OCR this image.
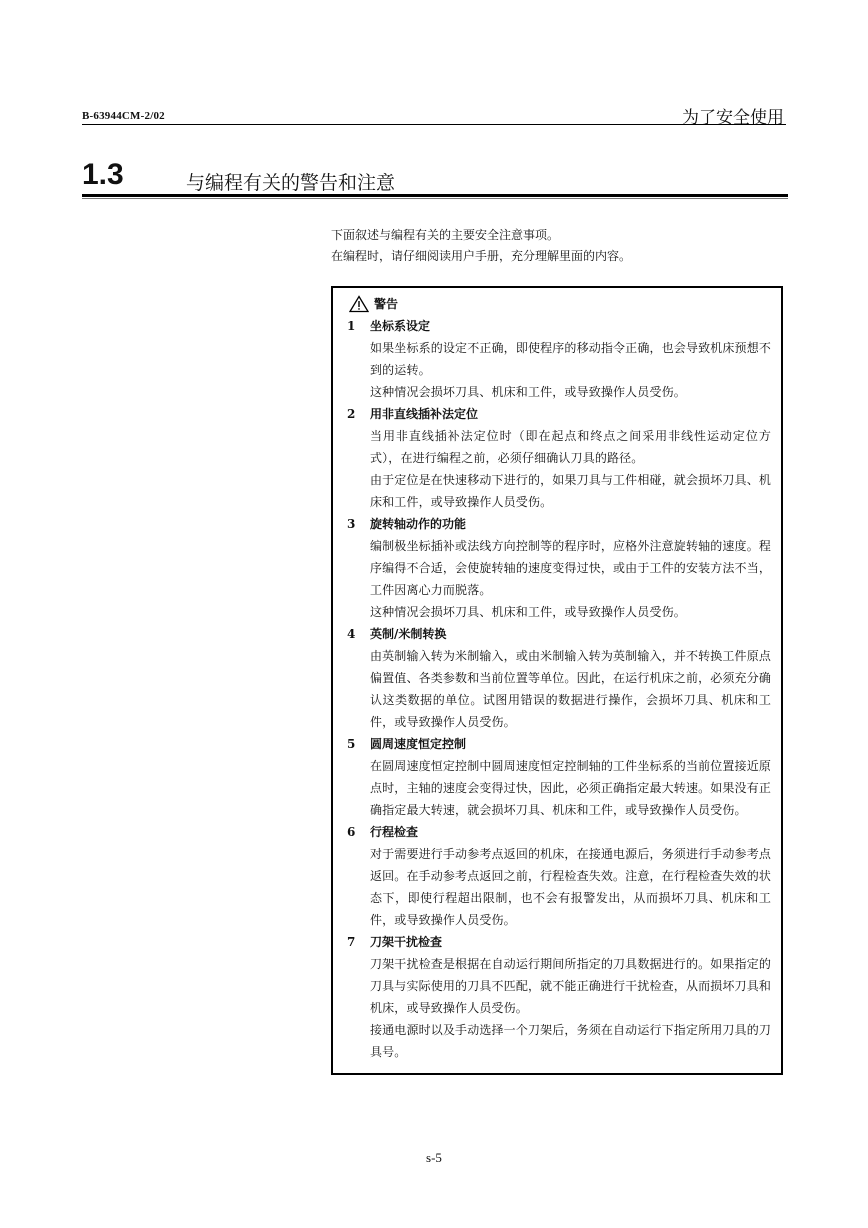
B-63944CM-2/02	为了安全使用
1.3	与编程有关的警告和注意

下面叙述与编程有关的主要安全注意事项。

在编程时，请仔细阅读用户手册，充分理解里面的内容。

警告
1	坐标系设定

如果坐标系的设定不正确，即使程序的移动指令正确，也会导致机床预想不到的运转。

这种情况会损坏刀具、机床和工件，或导致操作人员受伤。

2	用非直线插补法定位

当用非直线插补法定位时（即在起点和终点之间采用非线性运动定位方式），在进行编程之前，必须仔细确认刀具的路径。

由于定位是在快速移动下进行的，如果刀具与工件相碰，就会损坏刀具、机床和工件，或导致操作人员受伤。

3	旋转轴动作的功能

编制极坐标插补或法线方向控制等的程序时，应格外注意旋转轴的速度。程序编得不合适，会使旋转轴的速度变得过快，或由于工件的安装方法不当，工件因离心力而脱落。

这种情况会损坏刀具、机床和工件，或导致操作人员受伤。

4	英制/米制转换

由英制输入转为米制输入，或由米制输入转为英制输入，并不转换工件原点偏置值、各类参数和当前位置等单位。因此，在运行机床之前，必须充分确认这类数据的单位。试图用错误的数据进行操作，会损坏刀具、机床和工件，或导致操作人员受伤。

5	圆周速度恒定控制

在圆周速度恒定控制中圆周速度恒定控制轴的工件坐标系的当前位置接近原点时，主轴的速度会变得过快，因此，必须正确指定最大转速。如果没有正确指定最大转速，就会损坏刀具、机床和工件，或导致操作人员受伤。

6	行程检查

对于需要进行手动参考点返回的机床，在接通电源后，务须进行手动参考点返回。在手动参考点返回之前，行程检查失效。注意，在行程检查失效的状态下，即使行程超出限制，也不会有报警发出，从而损坏刀具、机床和工件，或导致操作人员受伤。

7	刀架干扰检查

刀架干扰检查是根据在自动运行期间所指定的刀具数据进行的。如果指定的刀具与实际使用的刀具不匹配，就不能正确进行干扰检查，从而损坏刀具和机床，或导致操作人员受伤。

接通电源时以及手动选择一个刀架后，务须在自动运行下指定所用刀具的刀具号。

s-5
